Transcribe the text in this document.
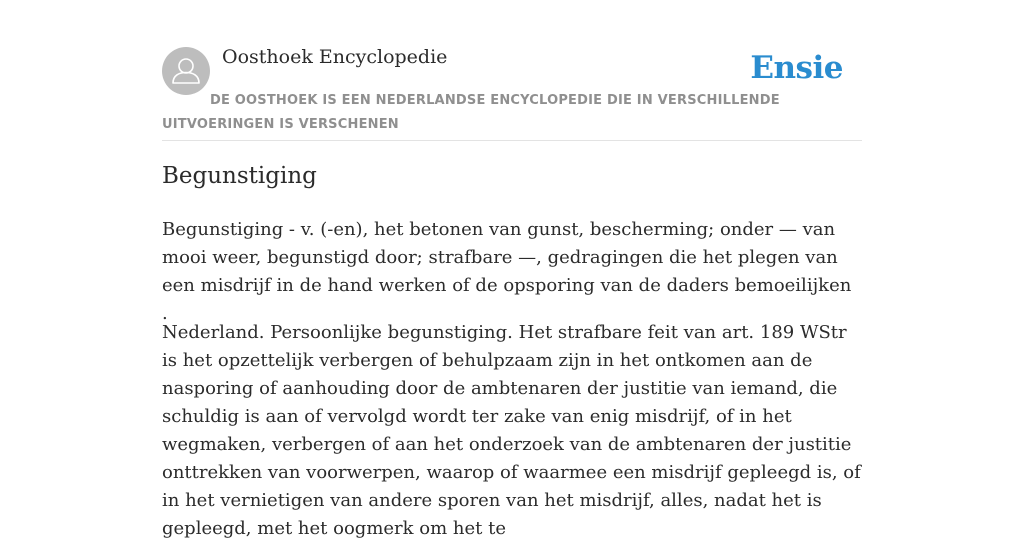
Oosthoek Encyclopedie	Ensie
DE OOSTHOEK IS EEN NEDERLANDSE ENCYCLOPEDIE DIE IN VERSCHILLENDE UITVOERINGEN IS VERSCHENEN
Begunstiging

Begunstiging - v. (-en), het betonen van gunst, bescherming; onder — van mooi weer, begunstigd door; strafbare —, gedragingen die het plegen van een misdrijf in de hand werken of de opsporing van de daders bemoeilijken .

Nederland. Persoonlijke begunstiging. Het strafbare feit van art. 189 WStr is het opzettelijk verbergen of behulpzaam zijn in het ontkomen aan de nasporing of aanhouding door de ambtenaren der justitie van iemand, die schuldig is aan of vervolgd wordt ter zake van enig misdrijf, of in het wegmaken, verbergen of aan het onderzoek van de ambtenaren der justitie onttrekken van voorwerpen, waarop of waarmee een misdrijf gepleegd is, of in het vernietigen van andere sporen van het misdrijf, alles, nadat het is gepleegd, met het oogmerk om het te
